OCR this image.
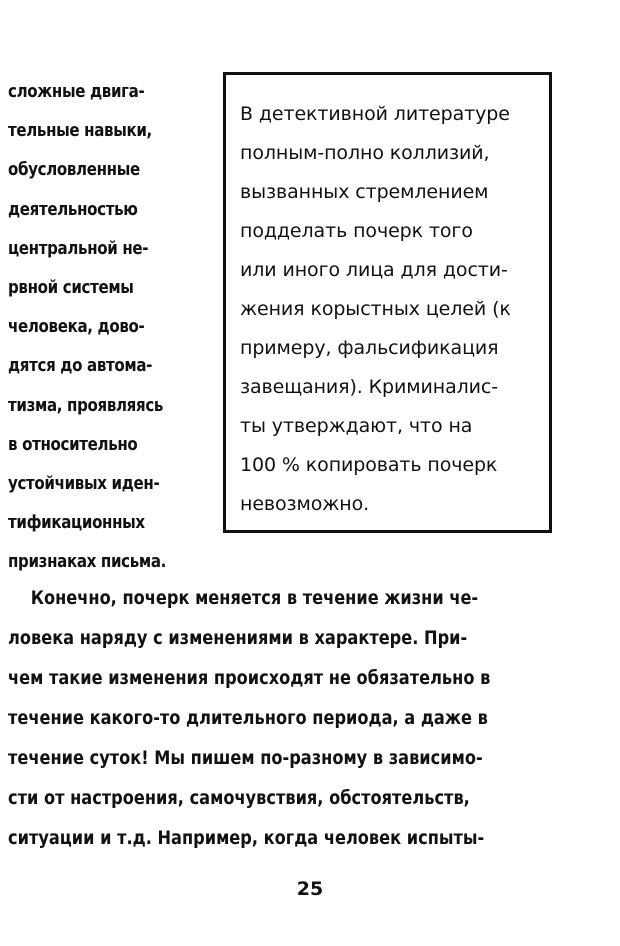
сложные двига-
тельные навыки,
обусловленные
деятельностью
центральной не-
рвной системы
человека, дово-
дятся до автома-
тизма, проявляясь
в относительно
устойчивых иден-
тификационных
признаках письма.
В детективной литературе
полным-полно коллизий,
вызванных стремлением
подделать почерк того
или иного лица для дости-
жения корыстных целей (к
примеру, фальсификация
завещания). Криминалис-
ты утверждают, что на
100 % копировать почерк
невозможно.
Конечно, почерк меняется в течение жизни че-
ловека наряду с изменениями в характере. При-
чем такие изменения происходят не обязательно в
течение какого-то длительного периода, а даже в
течение суток! Мы пишем по-разному в зависимо-
сти от настроения, самочувствия, обстоятельств,
ситуации и т.д. Например, когда человек испыты-
25
